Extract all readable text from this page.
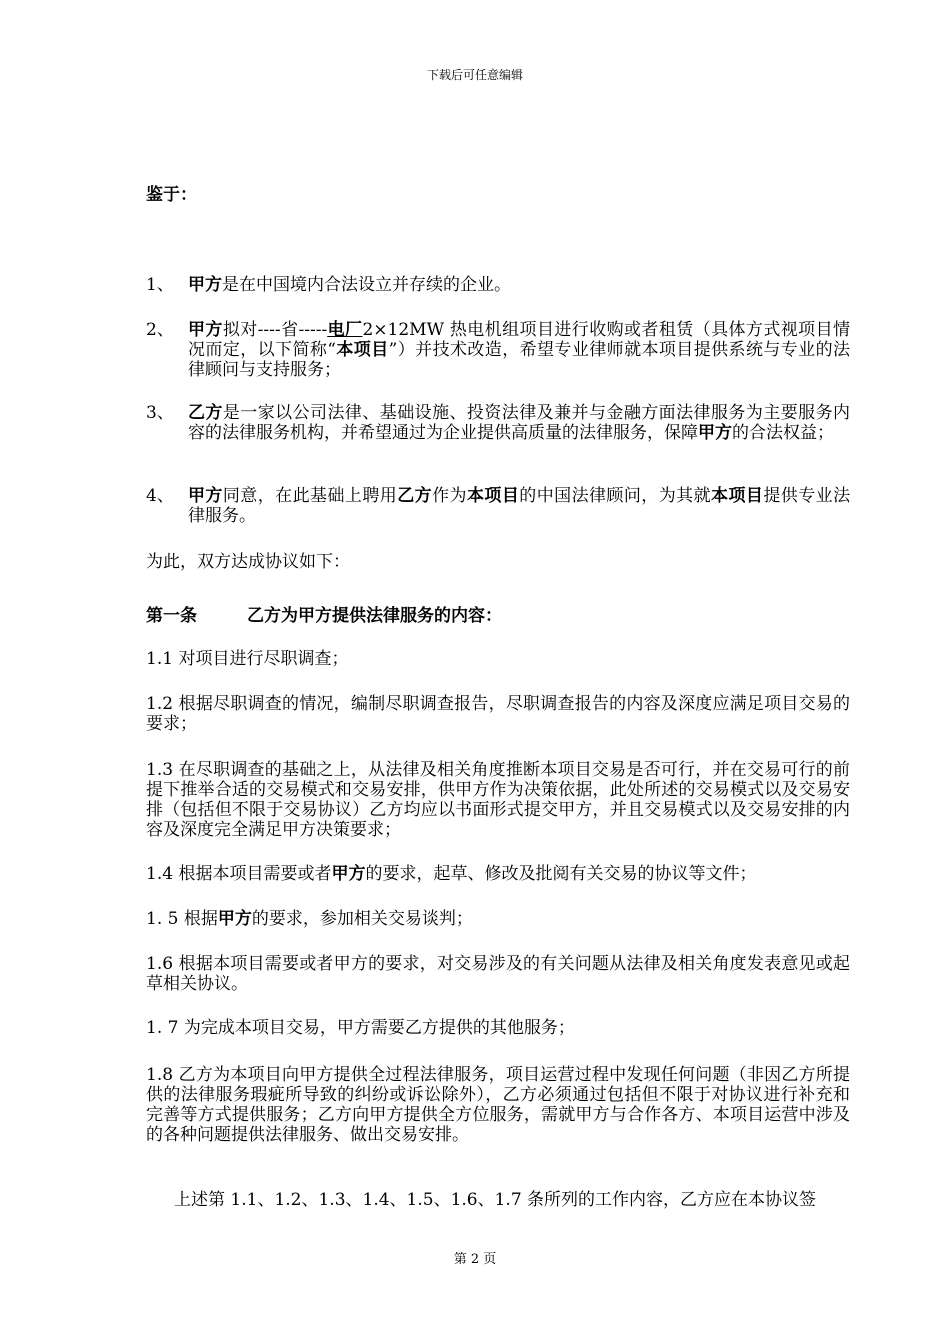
下载后可任意编辑
鉴于：
1、 甲方是在中国境内合法设立并存续的企业。
2、 甲方拟对----省-----电厂2×12MW 热电机组项目进行收购或者租赁（具体方式视项目情况而定，以下简称“本项目”）并技术改造，希望专业律师就本项目提供系统与专业的法律顾问与支持服务；
3、 乙方是一家以公司法律、基础设施、投资法律及兼并与金融方面法律服务为主要服务内容的法律服务机构，并希望通过为企业提供高质量的法律服务，保障甲方的合法权益；
4、 甲方同意，在此基础上聘用乙方作为本项目的中国法律顾问，为其就本项目提供专业法律服务。
为此，双方达成协议如下：
第一条	乙方为甲方提供法律服务的内容：
1.1 对项目进行尽职调查；
1.2 根据尽职调查的情况，编制尽职调查报告，尽职调查报告的内容及深度应满足项目交易的要求；
1.3 在尽职调查的基础之上，从法律及相关角度推断本项目交易是否可行，并在交易可行的前提下推举合适的交易模式和交易安排，供甲方作为决策依据，此处所述的交易模式以及交易安排（包括但不限于交易协议）乙方均应以书面形式提交甲方，并且交易模式以及交易安排的内容及深度完全满足甲方决策要求；
1.4 根据本项目需要或者甲方的要求，起草、修改及批阅有关交易的协议等文件；
1. 5 根据甲方的要求，参加相关交易谈判；
1.6 根据本项目需要或者甲方的要求，对交易涉及的有关问题从法律及相关角度发表意见或起草相关协议。
1. 7 为完成本项目交易，甲方需要乙方提供的其他服务；
1.8 乙方为本项目向甲方提供全过程法律服务，项目运营过程中发现任何问题（非因乙方所提供的法律服务瑕疵所导致的纠纷或诉讼除外），乙方必须通过包括但不限于对协议进行补充和完善等方式提供服务；乙方向甲方提供全方位服务，需就甲方与合作各方、本项目运营中涉及的各种问题提供法律服务、做出交易安排。
上述第 1.1、1.2、1.3、1.4、1.5、1.6、1.7 条所列的工作内容，乙方应在本协议签
第 2 页
